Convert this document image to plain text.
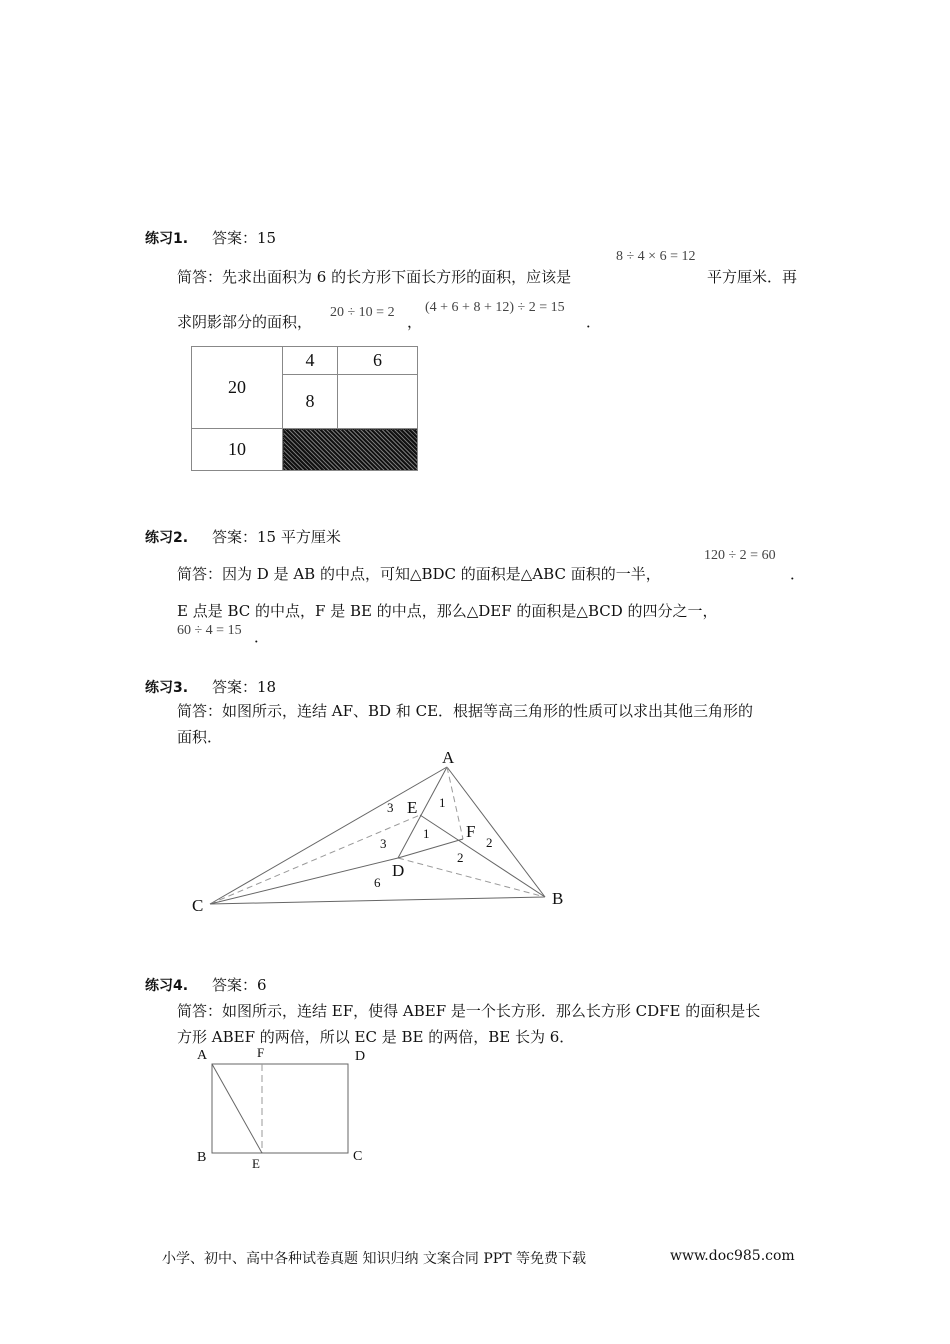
练习1. 答案：15
简答：先求出面积为 6 的长方形下面长方形的面积，应该是
8 ÷ 4 × 6 = 12
平方厘米．再
求阴影部分的面积，
20 ÷ 10 = 2
，
(4 + 6 + 8 + 12) ÷ 2 = 15
．
20	4	6
	8	
10		
练习2. 答案：15 平方厘米
简答：因为 D 是 AB 的中点，可知△BDC 的面积是△ABC 面积的一半，
120 ÷ 2 = 60
．
E 点是 BC 的中点，F 是 BE 的中点，那么△DEF 的面积是△BCD 的四分之一，
60 ÷ 4 = 15 ．
练习3. 答案：18
简答：如图所示，连结 AF、BD 和 CE．根据等高三角形的性质可以求出其他三角形的
面积．
A
B
C
D
E
F
3	1
1
3	2
2
6
练习4. 答案：6
简答：如图所示，连结 EF，使得 ABEF 是一个长方形．那么长方形 CDFE 的面积是长
方形 ABEF 的两倍，所以 EC 是 BE 的两倍，BE 长为 6．
A	F	D
B	E	C
小学、初中、高中各种试卷真题 知识归纳 文案合同 PPT 等免费下载	www.doc985.com
